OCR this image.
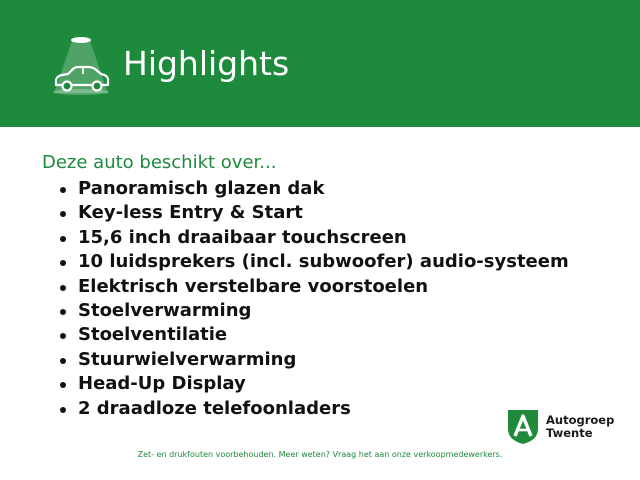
Highlights
Deze auto beschikt over...
Panoramisch glazen dak
Key-less Entry & Start
15,6 inch draaibaar touchscreen
10 luidsprekers (incl. subwoofer) audio-systeem
Elektrisch verstelbare voorstoelen
Stoelverwarming
Stoelventilatie
Stuurwielverwarming
Head-Up Display
2 draadloze telefoonladers
Autogroep
Twente
Zet- en drukfouten voorbehouden. Meer weten? Vraag het aan onze verkoopmedewerkers.
